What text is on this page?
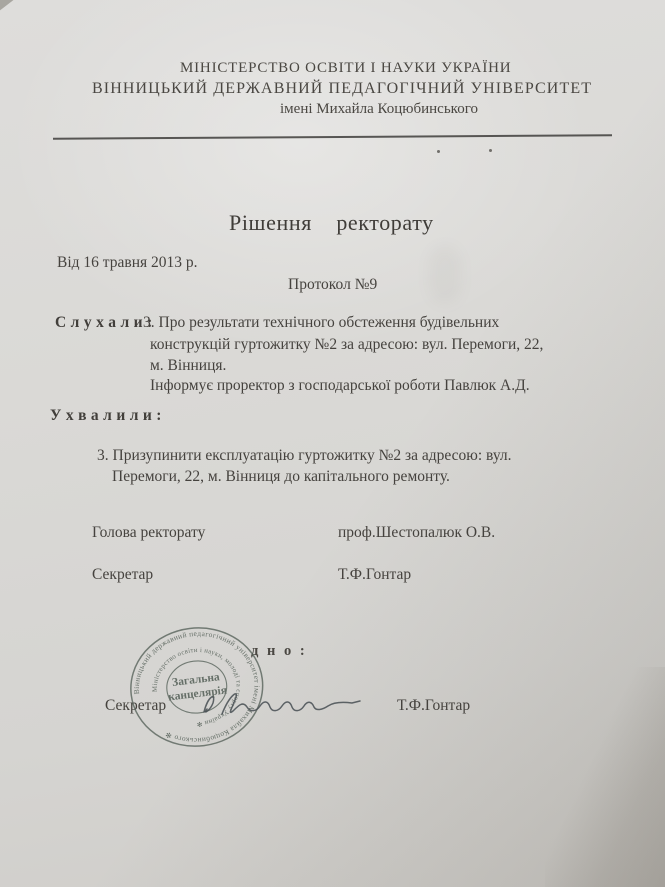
МІНІСТЕРСТВО ОСВІТИ І НАУКИ УКРАЇНИ
ВІННИЦЬКИЙ ДЕРЖАВНИЙ ПЕДАГОГІЧНИЙ УНІВЕРСИТЕТ
імені Михайла Коцюбинського
Рішення    ректорату
Від 16 травня 2013 р.
Протокол №9
С л у х а л и :
3. Про результати технічного обстеження будівельних
конструкцій гуртожитку №2 за адресою: вул. Перемоги, 22,
м. Вінниця.
Інформує проректор з господарської роботи Павлюк А.Д.
У х в а л и л и :
3. Призупинити експлуатацію гуртожитку №2 за адресою: вул.
Перемоги, 22, м. Вінниця до капітального ремонту.
Голова ректорату	проф.Шестопалюк О.В.
Секретар	Т.Ф.Гонтар
д н о :
Секретар	Т.Ф.Гонтар
Вінницький державний педагогічний університет імені Михайла Коцюбинського ✻
Міністерство освіти і науки, молоді та спорту України ✻
Загальна
канцелярія
